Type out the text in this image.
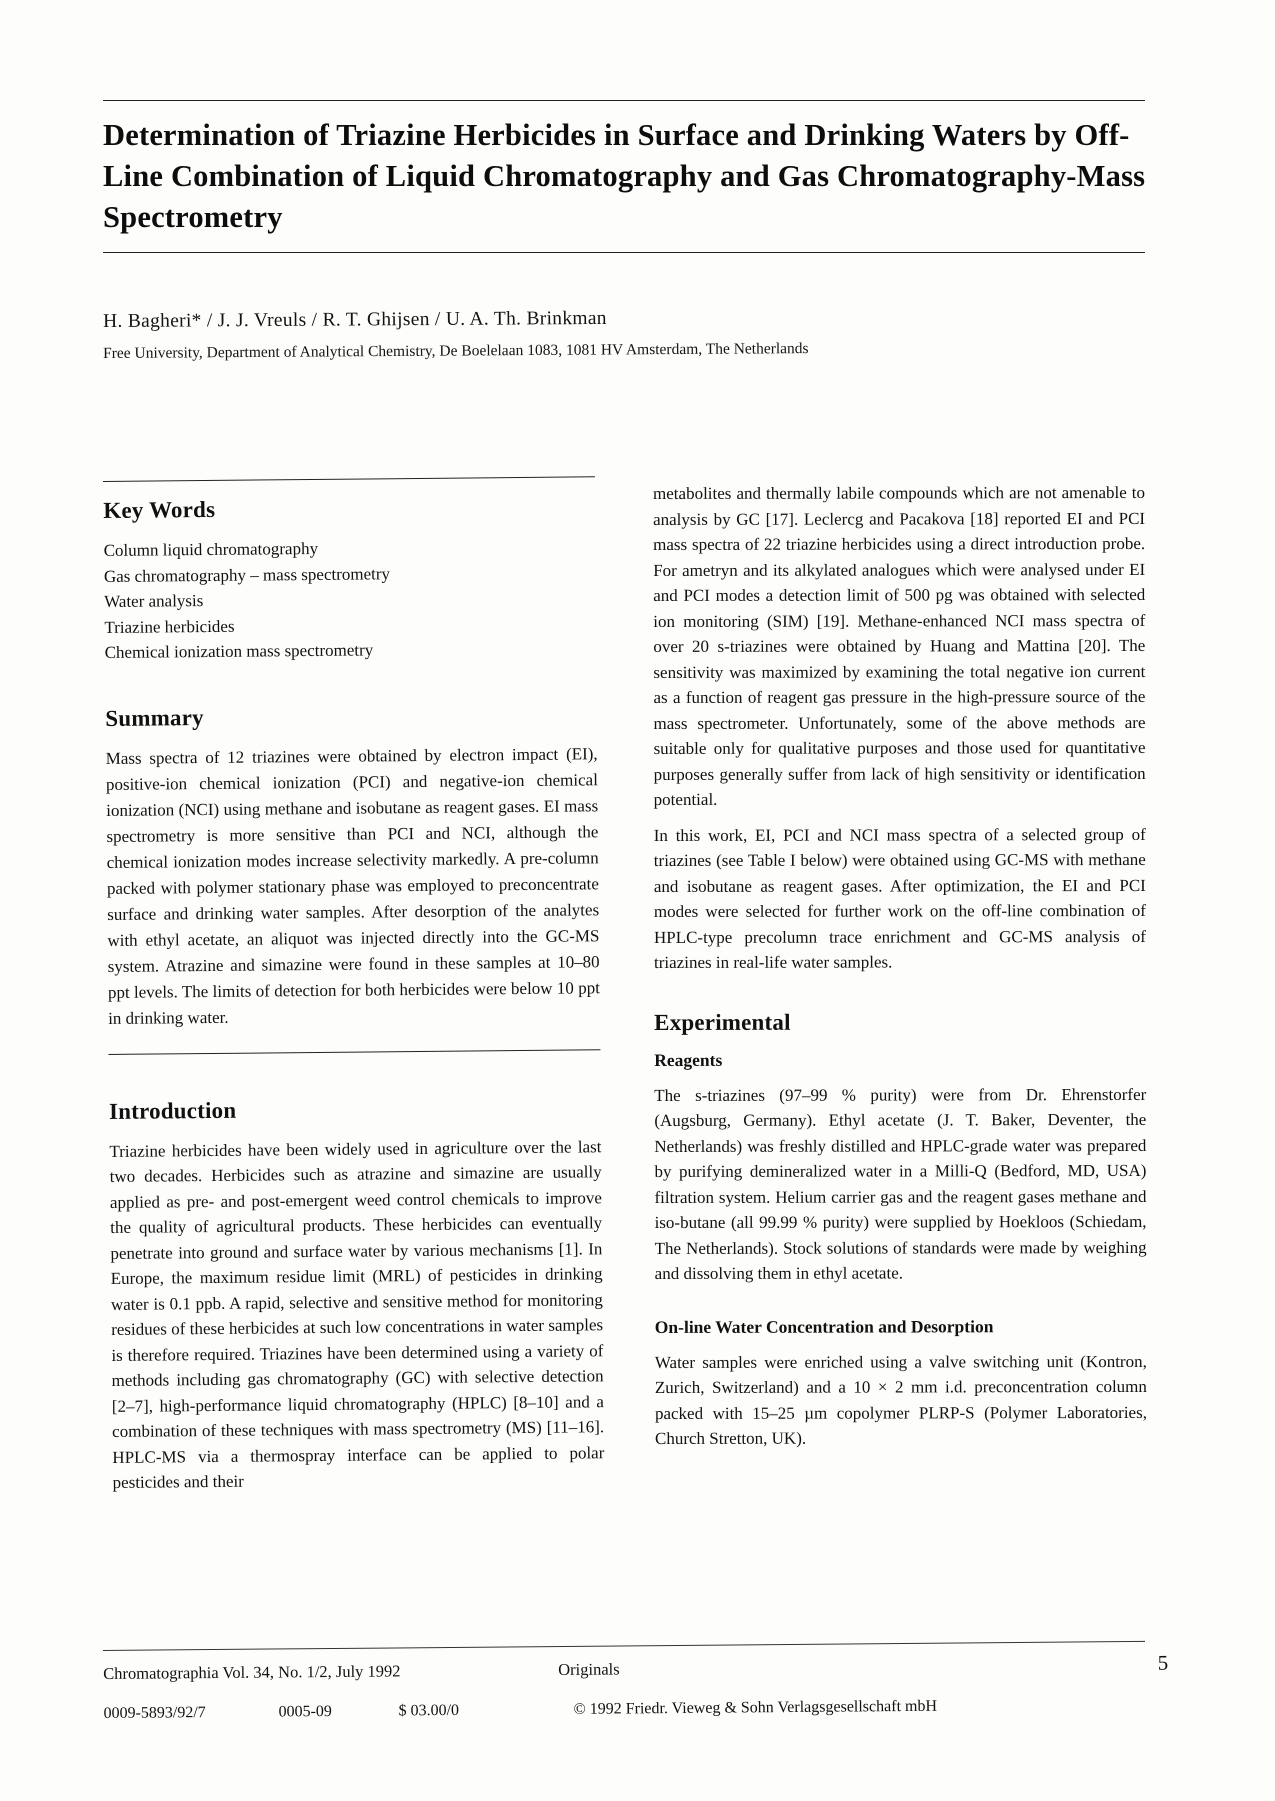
Determination of Triazine Herbicides in Surface and Drinking Waters by Off-Line Combination of Liquid Chromatography and Gas Chromatography-Mass Spectrometry
H. Bagheri* / J. J. Vreuls / R. T. Ghijsen / U. A. Th. Brinkman
Free University, Department of Analytical Chemistry, De Boelelaan 1083, 1081 HV Amsterdam, The Netherlands
Key Words
Column liquid chromatography
Gas chromatography – mass spectrometry
Water analysis
Triazine herbicides
Chemical ionization mass spectrometry
Summary
Mass spectra of 12 triazines were obtained by electron impact (EI), positive-ion chemical ionization (PCI) and negative-ion chemical ionization (NCI) using methane and isobutane as reagent gases. EI mass spectrometry is more sensitive than PCI and NCI, although the chemical ionization modes increase selectivity markedly. A pre-column packed with polymer stationary phase was employed to preconcentrate surface and drinking water samples. After desorption of the analytes with ethyl acetate, an aliquot was injected directly into the GC-MS system. Atrazine and simazine were found in these samples at 10–80 ppt levels. The limits of detection for both herbicides were below 10 ppt in drinking water.
Introduction

Triazine herbicides have been widely used in agriculture over the last two decades. Herbicides such as atrazine and simazine are usually applied as pre- and post-emergent weed control chemicals to improve the quality of agricultural products. These herbicides can eventually penetrate into ground and surface water by various mechanisms [1]. In Europe, the maximum residue limit (MRL) of pesticides in drinking water is 0.1 ppb. A rapid, selective and sensitive method for monitoring residues of these herbicides at such low concentrations in water samples is therefore required. Triazines have been determined using a variety of methods including gas chromatography (GC) with selective detection [2–7], high-performance liquid chromatography (HPLC) [8–10] and a combination of these techniques with mass spectrometry (MS) [11–16]. HPLC-MS via a thermospray interface can be applied to polar pesticides and their

metabolites and thermally labile compounds which are not amenable to analysis by GC [17]. Leclercg and Pacakova [18] reported EI and PCI mass spectra of 22 triazine herbicides using a direct introduction probe. For ametryn and its alkylated analogues which were analysed under EI and PCI modes a detection limit of 500 pg was obtained with selected ion monitoring (SIM) [19]. Methane-enhanced NCI mass spectra of over 20 s-triazines were obtained by Huang and Mattina [20]. The sensitivity was maximized by examining the total negative ion current as a function of reagent gas pressure in the high-pressure source of the mass spectrometer. Unfortunately, some of the above methods are suitable only for qualitative purposes and those used for quantitative purposes generally suffer from lack of high sensitivity or identification potential.

In this work, EI, PCI and NCI mass spectra of a selected group of triazines (see Table I below) were obtained using GC-MS with methane and isobutane as reagent gases. After optimization, the EI and PCI modes were selected for further work on the off-line combination of HPLC-type precolumn trace enrichment and GC-MS analysis of triazines in real-life water samples.

Experimental
Reagents

The s-triazines (97–99 % purity) were from Dr. Ehrenstorfer (Augsburg, Germany). Ethyl acetate (J. T. Baker, Deventer, the Netherlands) was freshly distilled and HPLC-grade water was prepared by purifying demineralized water in a Milli-Q (Bedford, MD, USA) filtration system. Helium carrier gas and the reagent gases methane and iso-butane (all 99.99 % purity) were supplied by Hoekloos (Schiedam, The Netherlands). Stock solutions of standards were made by weighing and dissolving them in ethyl acetate.

On-line Water Concentration and Desorption

Water samples were enriched using a valve switching unit (Kontron, Zurich, Switzerland) and a 10 × 2 mm i.d. preconcentration column packed with 15–25 µm copolymer PLRP-S (Polymer Laboratories, Church Stretton, UK).

Chromatographia Vol. 34, No. 1/2, July 1992	Originals	5
0009-5893/92/7	0005-09	$ 03.00/0	© 1992 Friedr. Vieweg & Sohn Verlagsgesellschaft mbH
